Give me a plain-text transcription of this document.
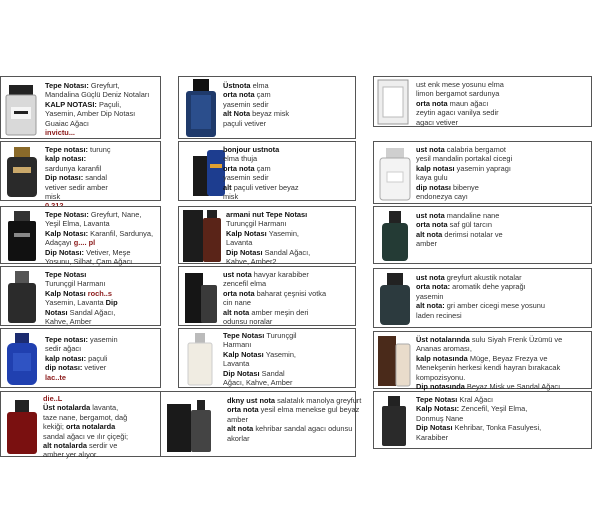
Tepe Notası: Greyfurt,
Mandalina Güçlü Deniz Notaları
KALP NOTASI: Paçuli,
Yasemin, Amber Dip Notası
Guaiac Ağacı
invictu...
Üstnota elma
orta nota çam
yasemin sedir
alt Nota beyaz misk
paçuli vetiver
ust enk mese yosunu elma
limon bergamot sardunya
orta nota maun ağacı
zeytin agacı vanilya sedir
agacı vetiver
Tepe notası: turunç
kalp notası:
sardunya karanfil
Dip notası: sandal
vetiver sedir amber
misk
bonjour ustnota
elma thuja
orta nota çam
yasemin sedir
alt paçuli vetiver beyaz
misk
ust nota calabria bergamot
yesil mandalin portakal cicegi
kalp notası yasemin yapragı
kaya gulu
dip notası bibenye
endonezya cayı
Tepe Notası: Greyfurt, Nane,
Yeşil Elma, Lavanta
Kalp Notası: Karanfil, Sardunya,
Adaçayı g.... pl
Dip Notası: Vetiver, Meşe
Yosunu, Silhat, Çam Ağacı
armani nut Tepe Notası
Turunçgil Harmanı
Kalp Notası Yasemin,
Lavanta
Dip Notası Sandal Ağacı,
Kahve, Amber2
ust nota mandaline nane
orta nota saf gül tarcın
alt nota derimsi notalar ve
amber
Tepe Notası
Turunçgil Harmanı
Kalp Notası roch..s
Yasemin, Lavanta Dip
Notası Sandal Ağacı,
Kahve, Amber
ust nota havyar karabiber
zencefil elma
orta nota baharat çeşnisi votka
cin nane
alt nota amber meşin deri
odunsu noralar
ust nota greyfurt akustik notalar
orta nota: aromatik dehe yaprağı
yasemin
alt nota: gri amber cicegi mese yosunu
laden recinesi
Tepe notası: yasemin
sedir ağacı
kalp notası: paçuli
dip notası: vetiver
lac..te
Tepe Notası Turunçgil
Harmanı
Kalp Notası Yasemin,
Lavanta
Dip Notası Sandal
Ağacı, Kahve, Amber
Üst notalarında sulu Siyah Frenk Üzümü ve
Ananas aroması,
kalp notasında Müge, Beyaz Frezya ve
Menekşenin herkesi kendi hayran bırakacak
kompozisyonu.
Dip notasında Beyaz Misk ve Sandal Ağacı
die..L
Üst notalarda lavanta,
taze nane, bergamot, dağ
kekiği; orta notalarda
sandal ağacı ve ılır çiçeği;
alt notalarda serdir ve
amber yer alıyor.
dkny ust nota salatalık manolya greyfurt
orta nota yesil elma menekse gul beyaz
amber
alt nota kehribar sandal agacı odunsu
akorlar
Tepe Notası Kral Ağacı
Kalp Notası: Zencefil, Yeşil Elma,
Donmuş Nane
Dip Notası Kehribar, Tonka Fasulyesi,
Karabiber
